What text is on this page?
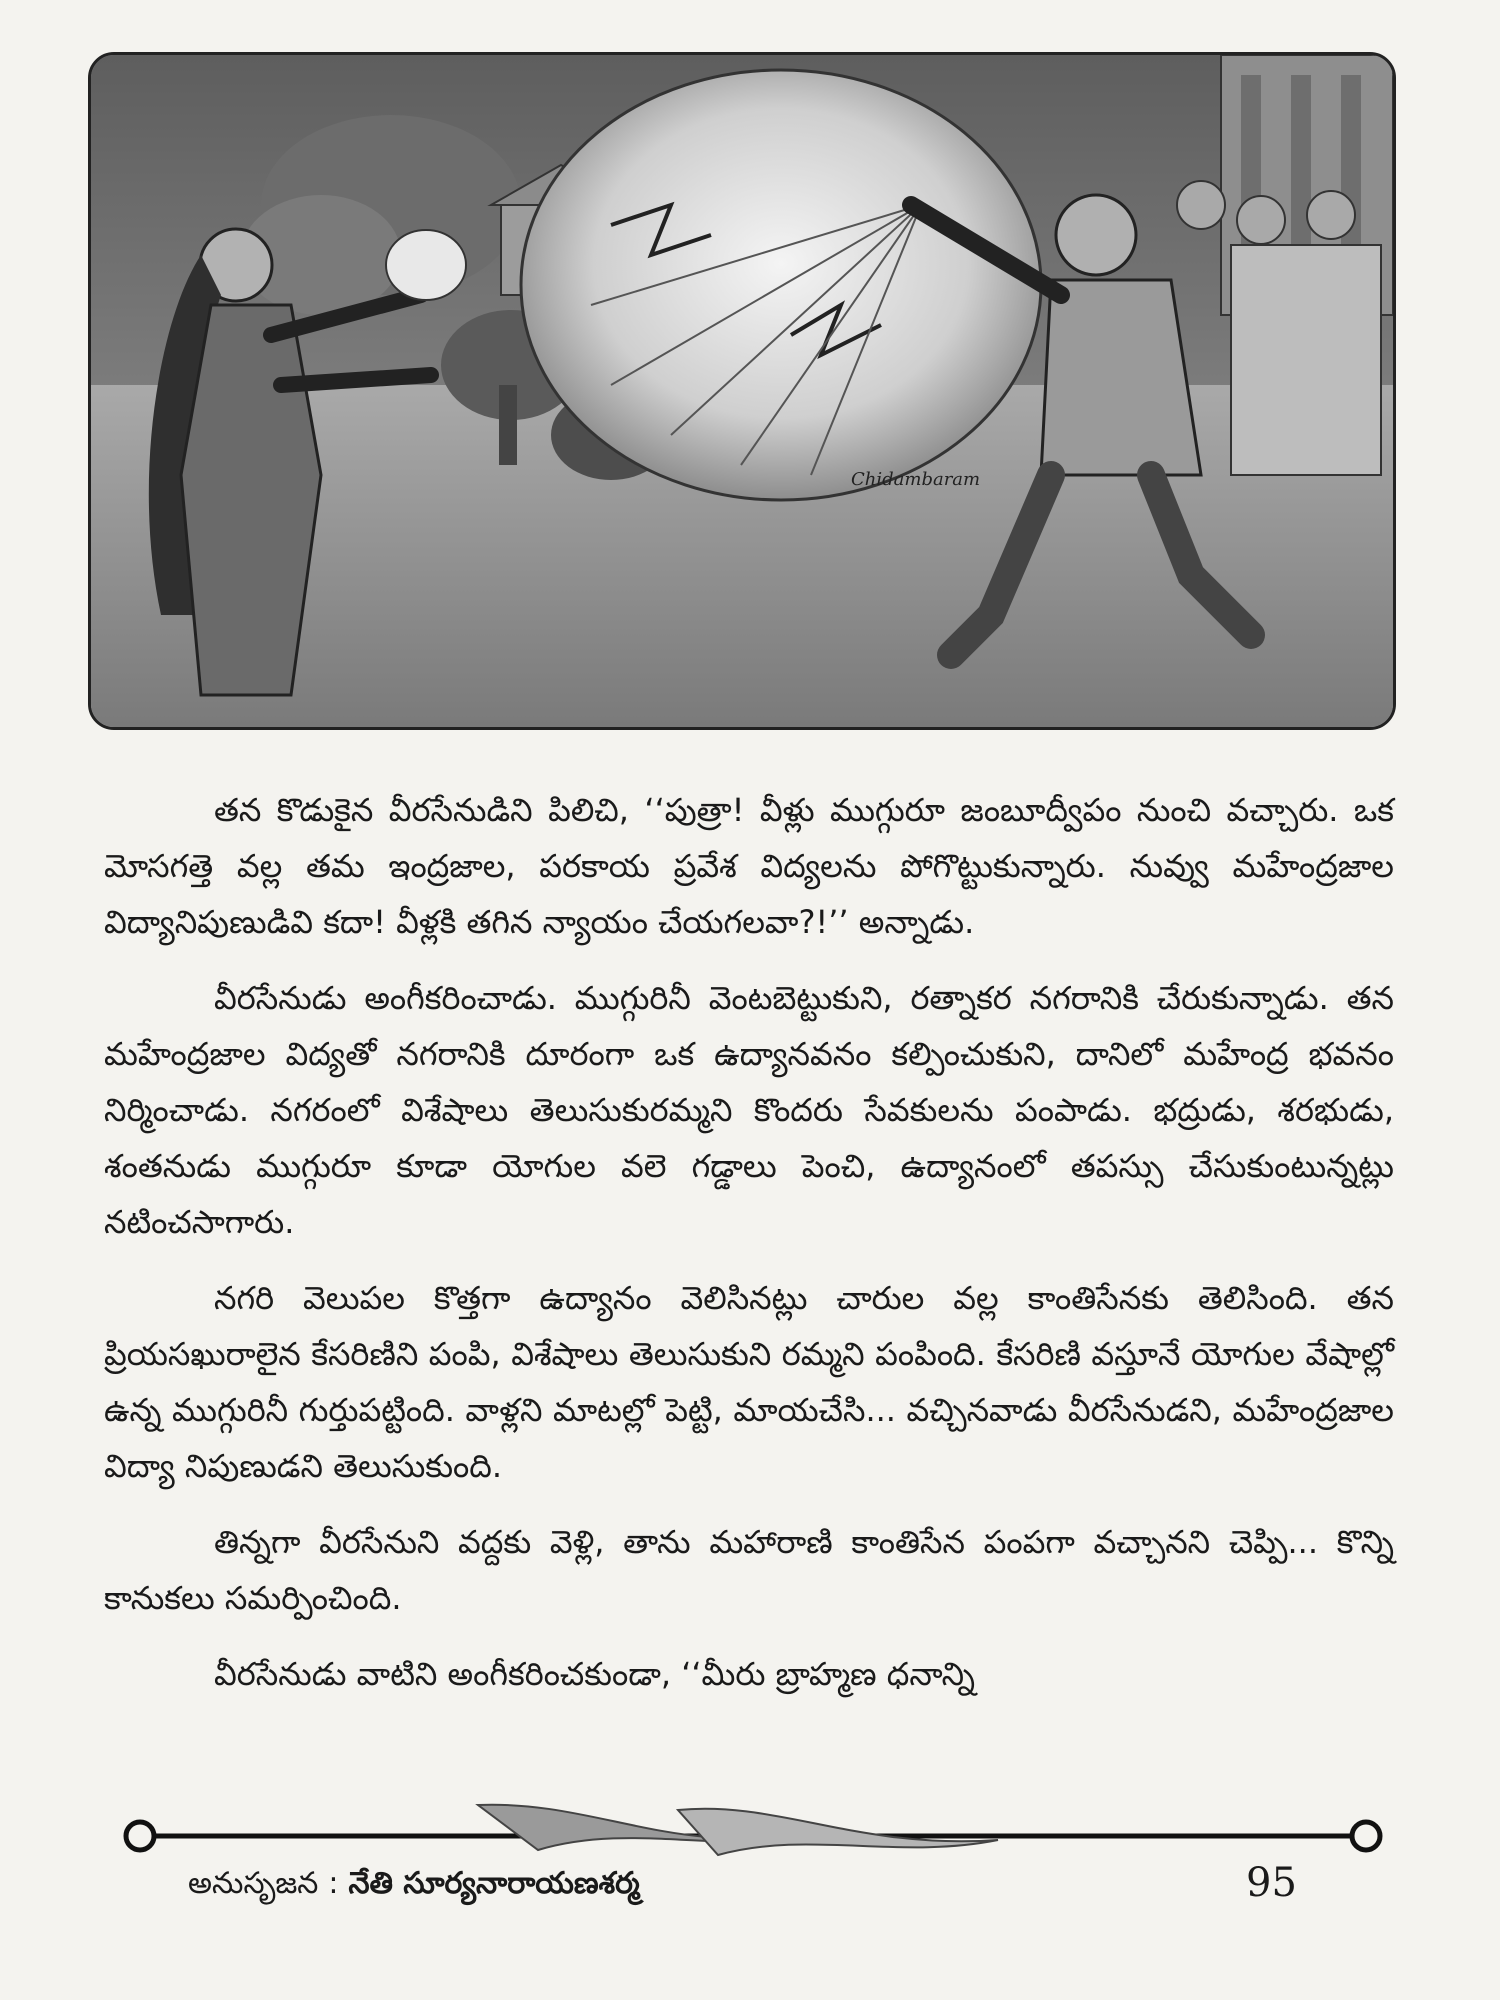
Chidambaram

తన కొడుకైన వీరసేనుడిని పిలిచి, ‘‘పుత్రా! వీళ్లు ముగ్గురూ జంబూద్వీపం నుంచి వచ్చారు. ఒక మోసగత్తె వల్ల తమ ఇంద్రజాల, పరకాయ ప్రవేశ విద్యలను పోగొట్టుకున్నారు. నువ్వు మహేంద్రజాల విద్యానిపుణుడివి కదా! వీళ్లకి తగిన న్యాయం చేయగలవా?!’’ అన్నాడు.

వీరసేనుడు అంగీకరించాడు. ముగ్గురినీ వెంటబెట్టుకుని, రత్నాకర నగరానికి చేరుకున్నాడు. తన మహేంద్రజాల విద్యతో నగరానికి దూరంగా ఒక ఉద్యానవనం కల్పించుకుని, దానిలో మహేంద్ర భవనం నిర్మించాడు. నగరంలో విశేషాలు తెలుసుకురమ్మని కొందరు సేవకులను పంపాడు. భద్రుడు, శరభుడు, శంతనుడు ముగ్గురూ కూడా యోగుల వలె గడ్డాలు పెంచి, ఉద్యానంలో తపస్సు చేసుకుంటున్నట్లు నటించసాగారు.

నగరి వెలుపల కొత్తగా ఉద్యానం వెలిసినట్లు చారుల వల్ల కాంతిసేనకు తెలిసింది. తన ప్రియసఖురాలైన కేసరిణిని పంపి, విశేషాలు తెలుసుకుని రమ్మని పంపింది. కేసరిణి వస్తూనే యోగుల వేషాల్లో ఉన్న ముగ్గురినీ గుర్తుపట్టింది. వాళ్లని మాటల్లో పెట్టి, మాయచేసి... వచ్చినవాడు వీరసేనుడని, మహేంద్రజాల విద్యా నిపుణుడని తెలుసుకుంది.

తిన్నగా వీరసేనుని వద్దకు వెళ్లి, తాను మహారాణి కాంతిసేన పంపగా వచ్చానని చెప్పి... కొన్ని కానుకలు సమర్పించింది.

వీరసేనుడు వాటిని అంగీకరించకుండా, ‘‘మీరు బ్రాహ్మణ ధనాన్ని

అనుసృజన : నేతి సూర్యనారాయణశర్మ	95
